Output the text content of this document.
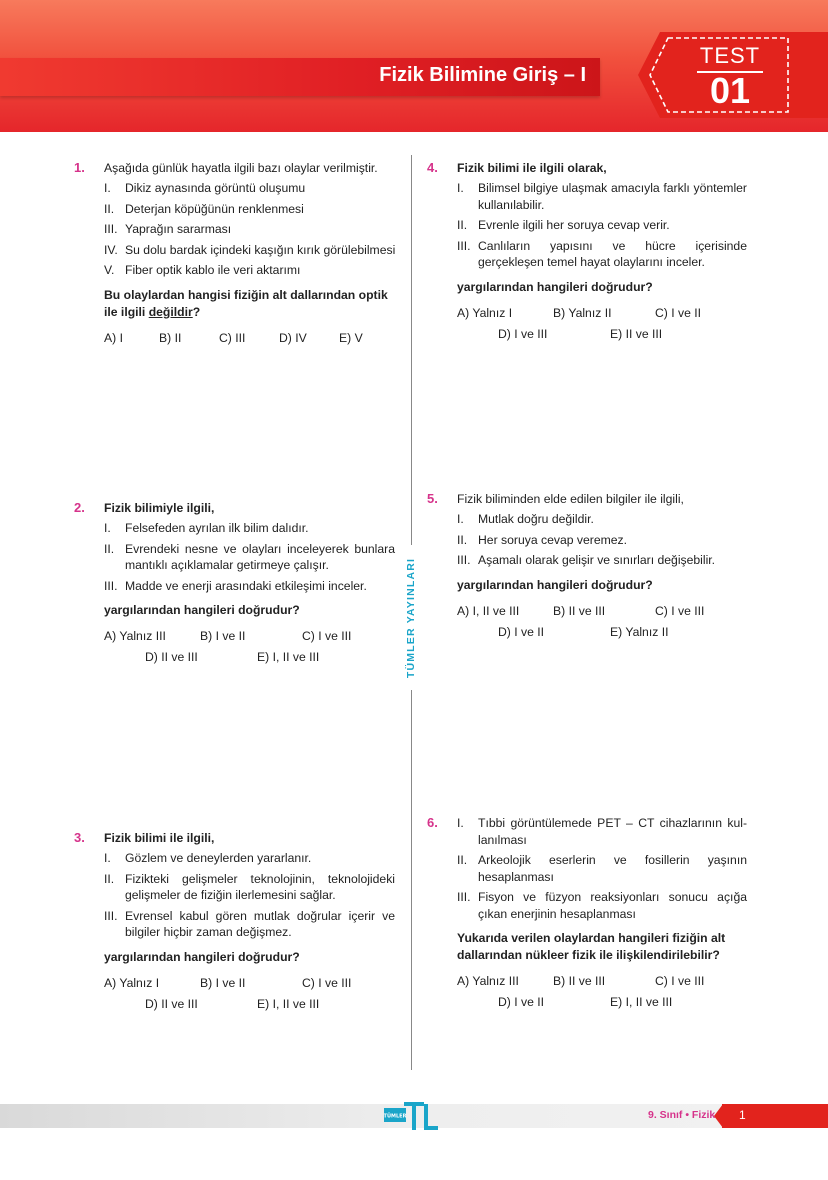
Fizik Bilimine Giriş – I
TEST
01
TÜMLER YAYINLARI
1. Aşağıda günlük hayatla ilgili bazı olaylar verilmiştir.
I. Dikiz aynasında görüntü oluşumu
II. Deterjan köpüğünün renklenmesi
III. Yaprağın sararması
IV. Su dolu bardak içindeki kaşığın kırık görülebilmesi
V. Fiber optik kablo ile veri aktarımı
Bu olaylardan hangisi fiziğin alt dallarından optik ile ilgili değildir?
A) I	B) II	C) III	D) IV	E) V
2. Fizik bilimiyle ilgili,
I. Felsefeden ayrılan ilk bilim dalıdır.
II. Evrendeki nesne ve olayları inceleyerek bunlara mantıklı açıklamalar getirmeye çalışır.
III. Madde ve enerji arasındaki etkileşimi inceler.
yargılarından hangileri doğrudur?
A) Yalnız III	B) I ve II	C) I ve III
D) II ve III	E) I, II ve III
3. Fizik bilimi ile ilgili,
I. Gözlem ve deneylerden yararlanır.
II. Fizikteki gelişmeler teknolojinin, teknolojideki gelişmeler de fiziğin ilerlemesini sağlar.
III. Evrensel kabul gören mutlak doğrular içerir ve bilgiler hiçbir zaman değişmez.
yargılarından hangileri doğrudur?
A) Yalnız I	B) I ve II	C) I ve III
D) II ve III	E) I, II ve III
4. Fizik bilimi ile ilgili olarak,
I. Bilimsel bilgiye ulaşmak amacıyla farklı yöntemler kullanılabilir.
II. Evrenle ilgili her soruya cevap verir.
III. Canlıların yapısını ve hücre içerisinde gerçekleşen temel hayat olaylarını inceler.
yargılarından hangileri doğrudur?
A) Yalnız I	B) Yalnız II	C) I ve II
D) I ve III	E) II ve III
5. Fizik biliminden elde edilen bilgiler ile ilgili,
I. Mutlak doğru değildir.
II. Her soruya cevap veremez.
III. Aşamalı olarak gelişir ve sınırları değişebilir.
yargılarından hangileri doğrudur?
A) I, II ve III	B) II ve III	C) I ve III
D) I ve II	E) Yalnız II
6. I. Tıbbi görüntülemede PET – CT cihazlarının kul-lanılması
II. Arkeolojik eserlerin ve fosillerin yaşının hesaplanması
III. Fisyon ve füzyon reaksiyonları sonucu açığa çıkan enerjinin hesaplanması
Yukarıda verilen olaylardan hangileri fiziğin alt dallarından nükleer fizik ile ilişkilendirilebilir?
A) Yalnız III	B) II ve III	C) I ve III
D) I ve II	E) I, II ve III
9. Sınıf • Fizik 1
TÜMLER
